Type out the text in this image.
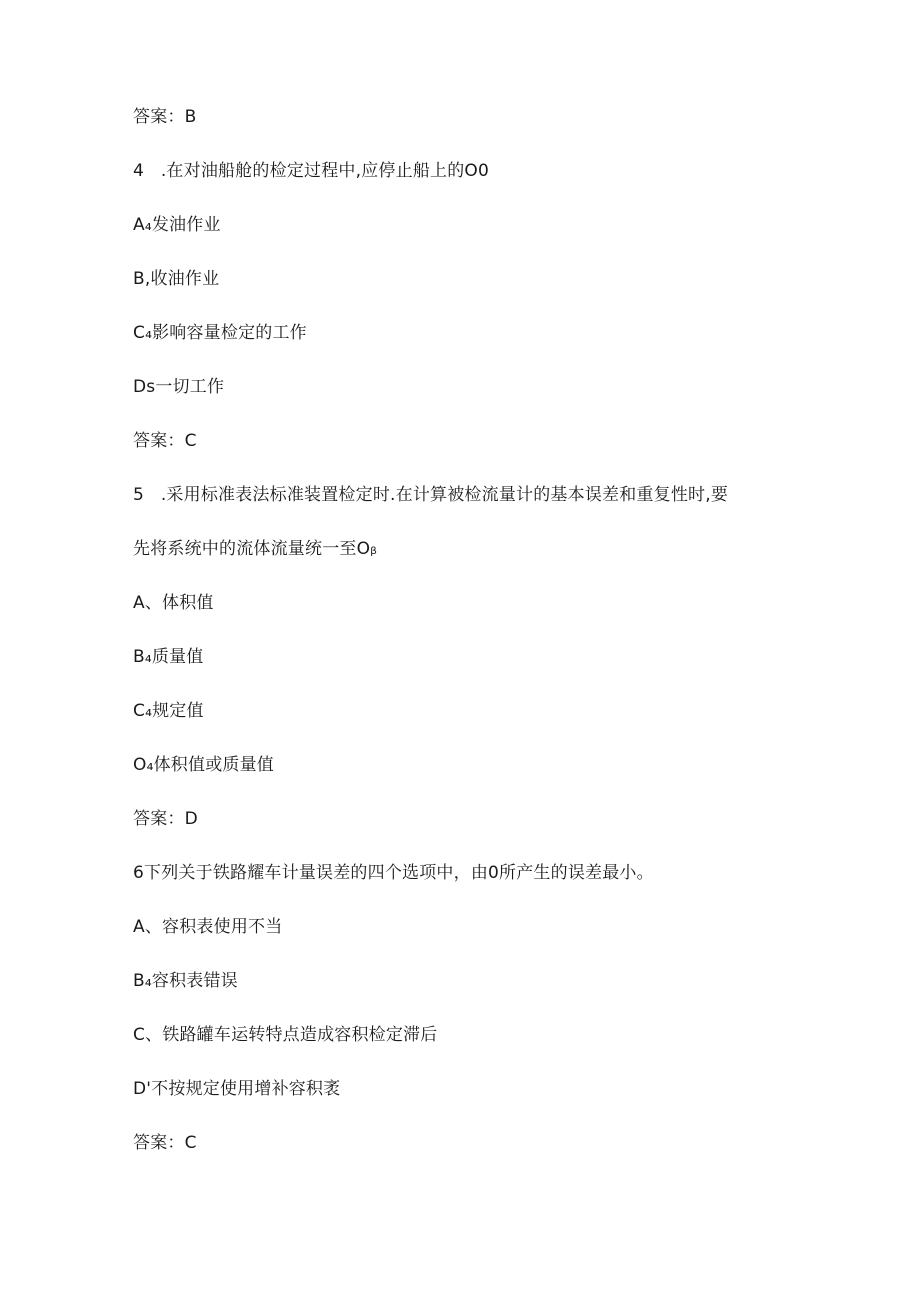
答案：B
4   .在对油船舱的检定过程中,应停止船上的O0
A₄发油作业
B,收油作业
C₄影响容量检定的工作
Ds一切工作
答案：C
5   .采用标准表法标准装置检定时.在计算被检流量计的基本误差和重复性时,要
先将系统中的流体流量统一至Oᵦ
A、体积值
B₄质量值
C₄规定值
O₄体积值或质量值
答案：D
6下列关于铁路耀车计量误差的四个选项中，由0所产生的误差最小。
A、容积表使用不当
B₄容积表错误
C、铁路罐车运转特点造成容积检定滞后
D'不按规定使用增补容积袤
答案：C
